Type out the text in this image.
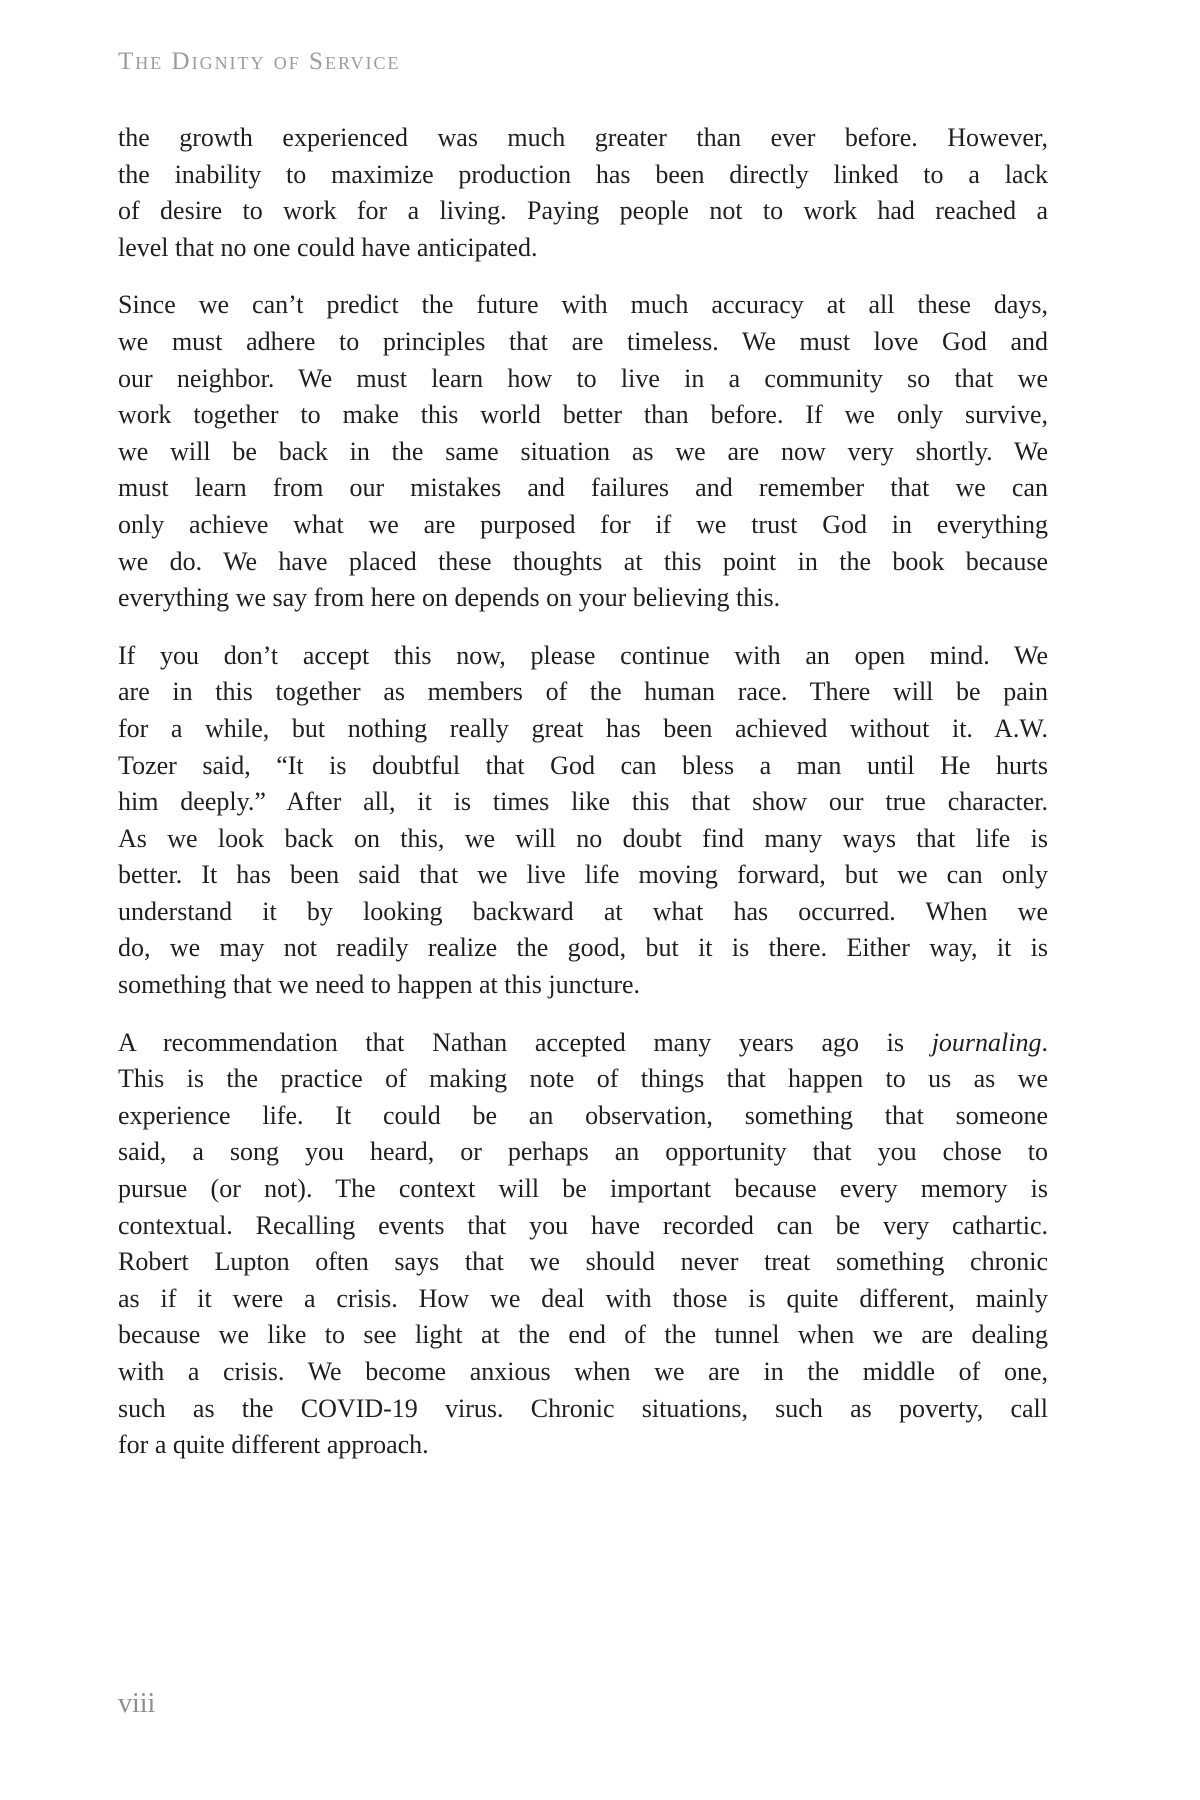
The Dignity of Service

the growth experienced was much greater than ever before. However,
the inability to maximize production has been directly linked to a lack
of desire to work for a living. Paying people not to work had reached a
level that no one could have anticipated.

Since we can’t predict the future with much accuracy at all these days,
we must adhere to principles that are timeless. We must love God and
our neighbor. We must learn how to live in a community so that we
work together to make this world better than before. If we only survive,
we will be back in the same situation as we are now very shortly. We
must learn from our mistakes and failures and remember that we can
only achieve what we are purposed for if we trust God in everything
we do. We have placed these thoughts at this point in the book because
everything we say from here on depends on your believing this.

If you don’t accept this now, please continue with an open mind. We
are in this together as members of the human race. There will be pain
for a while, but nothing really great has been achieved without it. A.W.
Tozer said, “It is doubtful that God can bless a man until He hurts
him deeply.” After all, it is times like this that show our true character.
As we look back on this, we will no doubt find many ways that life is
better. It has been said that we live life moving forward, but we can only
understand it by looking backward at what has occurred. When we
do, we may not readily realize the good, but it is there. Either way, it is
something that we need to happen at this juncture.

A recommendation that Nathan accepted many years ago is journaling.
This is the practice of making note of things that happen to us as we
experience life. It could be an observation, something that someone
said, a song you heard, or perhaps an opportunity that you chose to
pursue (or not). The context will be important because every memory is
contextual. Recalling events that you have recorded can be very cathartic.
Robert Lupton often says that we should never treat something chronic
as if it were a crisis. How we deal with those is quite different, mainly
because we like to see light at the end of the tunnel when we are dealing
with a crisis. We become anxious when we are in the middle of one,
such as the COVID-19 virus. Chronic situations, such as poverty, call
for a quite different approach.

viii
